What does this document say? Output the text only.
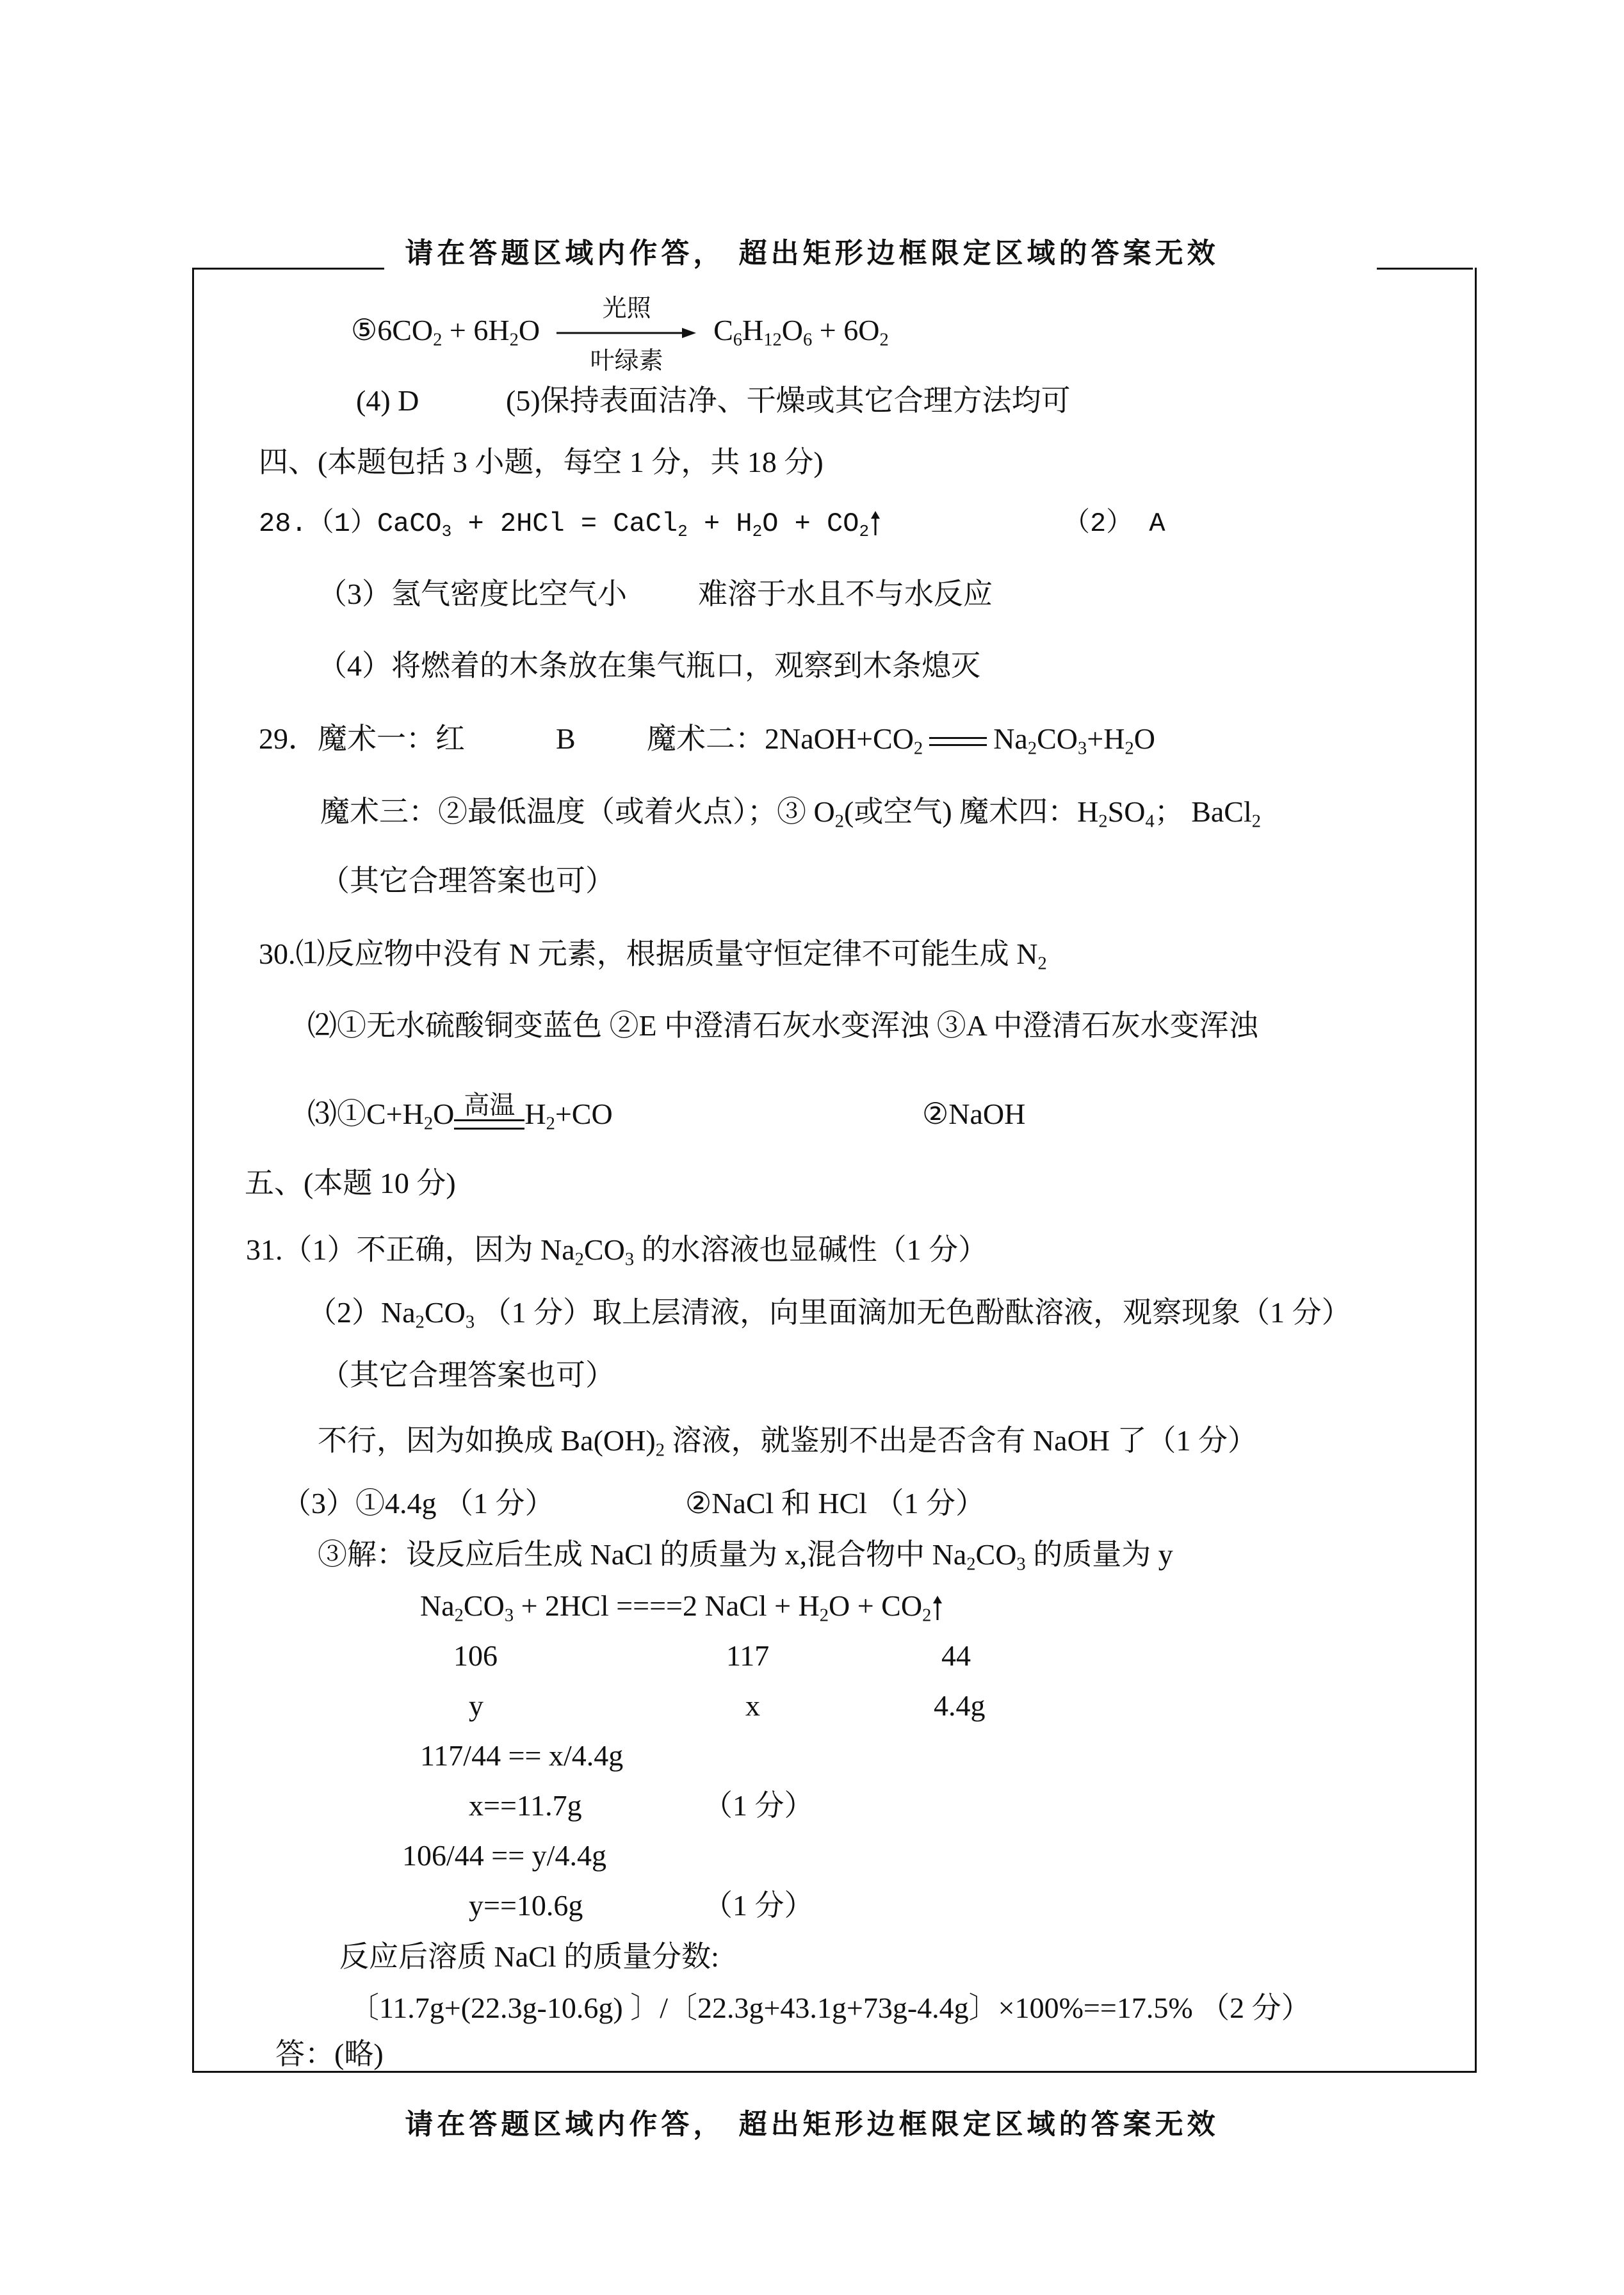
请在答题区域内作答， 超出矩形边框限定区域的答案无效
$⑤6CO_2 + 6H_2O$
光照
叶绿素
$C_6H_{12}O_6 + 6O_2$
(4) D	(5)保持表面洁净、干燥或其它合理方法均可
四、(本题包括 3 小题，每空 1 分，共 18 分)
28.（1）CaCO$_3$ + 2HCl = CaCl$_2$ + $H_2O + CO_2$	（2） A
（3）氢气密度比空气小 难溶于水且不与水反应
（4）将燃着的木条放在集气瓶口，观察到木条熄灭
29．魔术一：红	B 魔术二：$2NaOH+CO_2$ $Na_2CO_3+H_2O$
魔术三：②最低温度（或着火点）；③ $O_2$(或空气) 魔术四：$H_2SO_4$； BaCl$_2$
（其它合理答案也可）
30.⑴反应物中没有 N 元素，根据质量守恒定律不可能生成 $N_2$
⑵①无水硫酸铜变蓝色 ②E 中澄清石灰水变浑浊 ③A 中澄清石灰水变浑浊
$⑶①C+H_2O$ 高温 $H_2+CO$	②NaOH
五、(本题 10 分)
31.（1）不正确，因为 $Na_2CO_3$ 的水溶液也显碱性（1 分）
$(2)Na_2CO_3$ （1 分）取上层清液，向里面滴加无色酚酞溶液，观察现象（1 分）
（其它合理答案也可）
不行，因为如换成 $Ba(OH)_2$ 溶液，就鉴别不出是否含有 NaOH 了（1 分）
（3）①4.4g （1 分）	②NaCl 和 HCl （1 分）
③解：设反应后生成 NaCl 的质量为 x,混合物中 $Na_2CO_3$ 的质量为 y
$Na_2CO_3 + 2HCl ====2$ NaCl + $H_2O + CO_2$
106	117	44
y	x	4.4g
117/44 == x/4.4g
x==11.7g	（1 分）
106/44 == y/4.4g
y==10.6g	（1 分）
反应后溶质 NaCl 的质量分数:
〔11.7g+(22.3g-10.6g) 〕/〔22.3g+43.1g+73g-4.4g〕×100%==17.5% （2 分）
答：(略)
请在答题区域内作答， 超出矩形边框限定区域的答案无效
